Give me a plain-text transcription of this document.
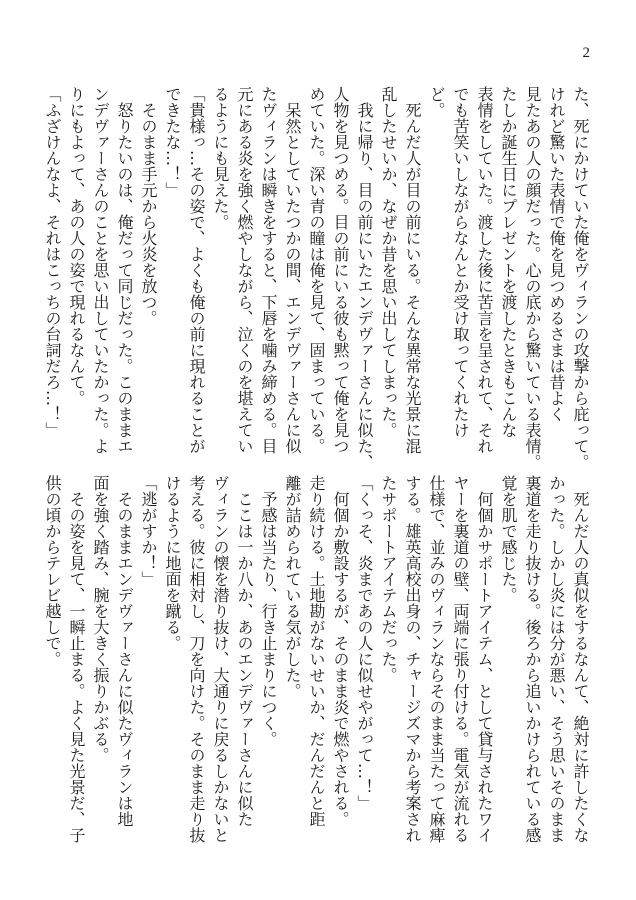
2
た、死にかけていた俺をヴィランの攻撃から庇って。
けれど驚いた表情で俺を見つめるさまは昔よく
見たあの人の顔だった。心の底から驚いている表情。
たしか誕生日にプレゼントを渡したときもこんな
表情をしていた。渡した後に苦言を呈されて、それ
でも苦笑いしながらなんとか受け取ってくれたけ
ど。
　死んだ人が目の前にいる。そんな異常な光景に混
乱したせいか、なぜか昔を思い出してしまった。
　我に帰り、目の前にいたエンデヴァーさんに似た、
人物を見つめる。目の前にいる彼も黙って俺を見つ
めていた。深い青の瞳は俺を見て、固まっている。
　呆然としていたつかの間、エンデヴァーさんに似
たヴィランは瞬きをすると、下唇を噛み締める。目
元にある炎を強く燃やしながら、泣くのを堪えてい
るようにも見えた。
「貴様っ…その姿で、よくも俺の前に現れることが
できたな…！」
　そのまま手元から火炎を放つ。
　怒りたいのは、俺だって同じだった。このままエ
ンデヴァーさんのことを思い出していたかった。よ
りにもよって、あの人の姿で現れるなんて。
「ふざけんなよ、それはこっちの台詞だろ…！」
　死んだ人の真似をするなんて、絶対に許したくな
かった。しかし炎には分が悪い、そう思いそのまま
裏道を走り抜ける。後ろから追いかけられている感
覚を肌で感じた。
　何個かサポートアイテム、として貸与されたワイ
ヤーを裏道の壁、両端に張り付ける。電気が流れる
仕様で、並みのヴィランならそのまま当たって麻痺
する。雄英高校出身の、チャージズマから考案され
たサポートアイテムだった。
「くっそ、炎まであの人に似せやがって…！」
　何個か敷設するが、そのまま炎で燃やされる。
走り続ける。土地勘がないせいか、だんだんと距
離が詰められている気がした。
　予感は当たり、行き止まりにつく。
　ここは一か八か、あのエンデヴァーさんに似た
ヴィランの懐を潜り抜け、大通りに戻るしかないと
考える。彼に相対し、刀を向けた。そのまま走り抜
けるように地面を蹴る。
「逃がすか！」
　そのままエンデヴァーさんに似たヴィランは地
面を強く踏み、腕を大きく振りかぶる。
　その姿を見て、一瞬止まる。よく見た光景だ、子
供の頃からテレビ越しで。
